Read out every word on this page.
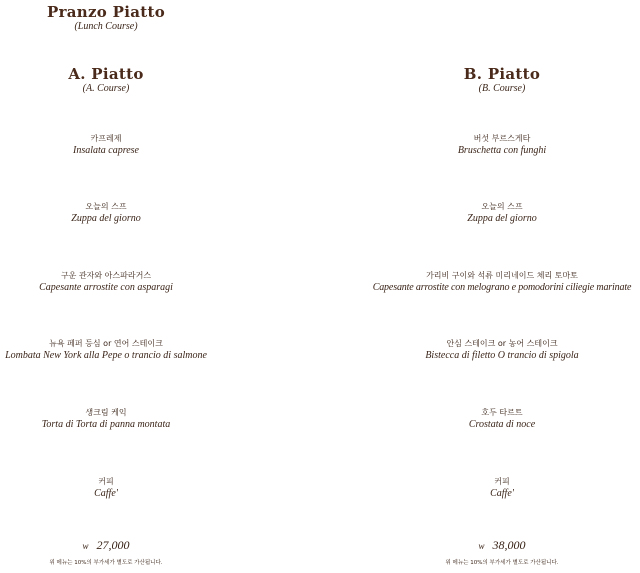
Pranzo Piatto
(Lunch Course)
A. Piatto
(A. Course)
카프레제
Insalata caprese
오늘의 스프
Zuppa del giorno
구운 관자와 아스파라거스
Capesante arrostite con asparagi
뉴욕 페퍼 등심 or 연어 스테이크
Lombata New York alla Pepe o trancio di salmone
생크림 케익
Torta di Torta di panna montata
커피
Caffe'
w 27,000
위 메뉴는 10%의 부가세가 별도로 가산됩니다.
B. Piatto
(B. Course)
버섯 부르스게타
Bruschetta con funghi
오늘의 스프
Zuppa del giorno
가리비 구이와 석류 미리네이드 체리 토마토
Capesante arrostite con melograno e pomodorini ciliegie marinate
안심 스테이크 or 농어 스테이크
Bistecca di filetto O trancio di spigola
호두 타르트
Crostata di noce
커피
Caffe'
w 38,000
위 메뉴는 10%의 부가세가 별도로 가산됩니다.
